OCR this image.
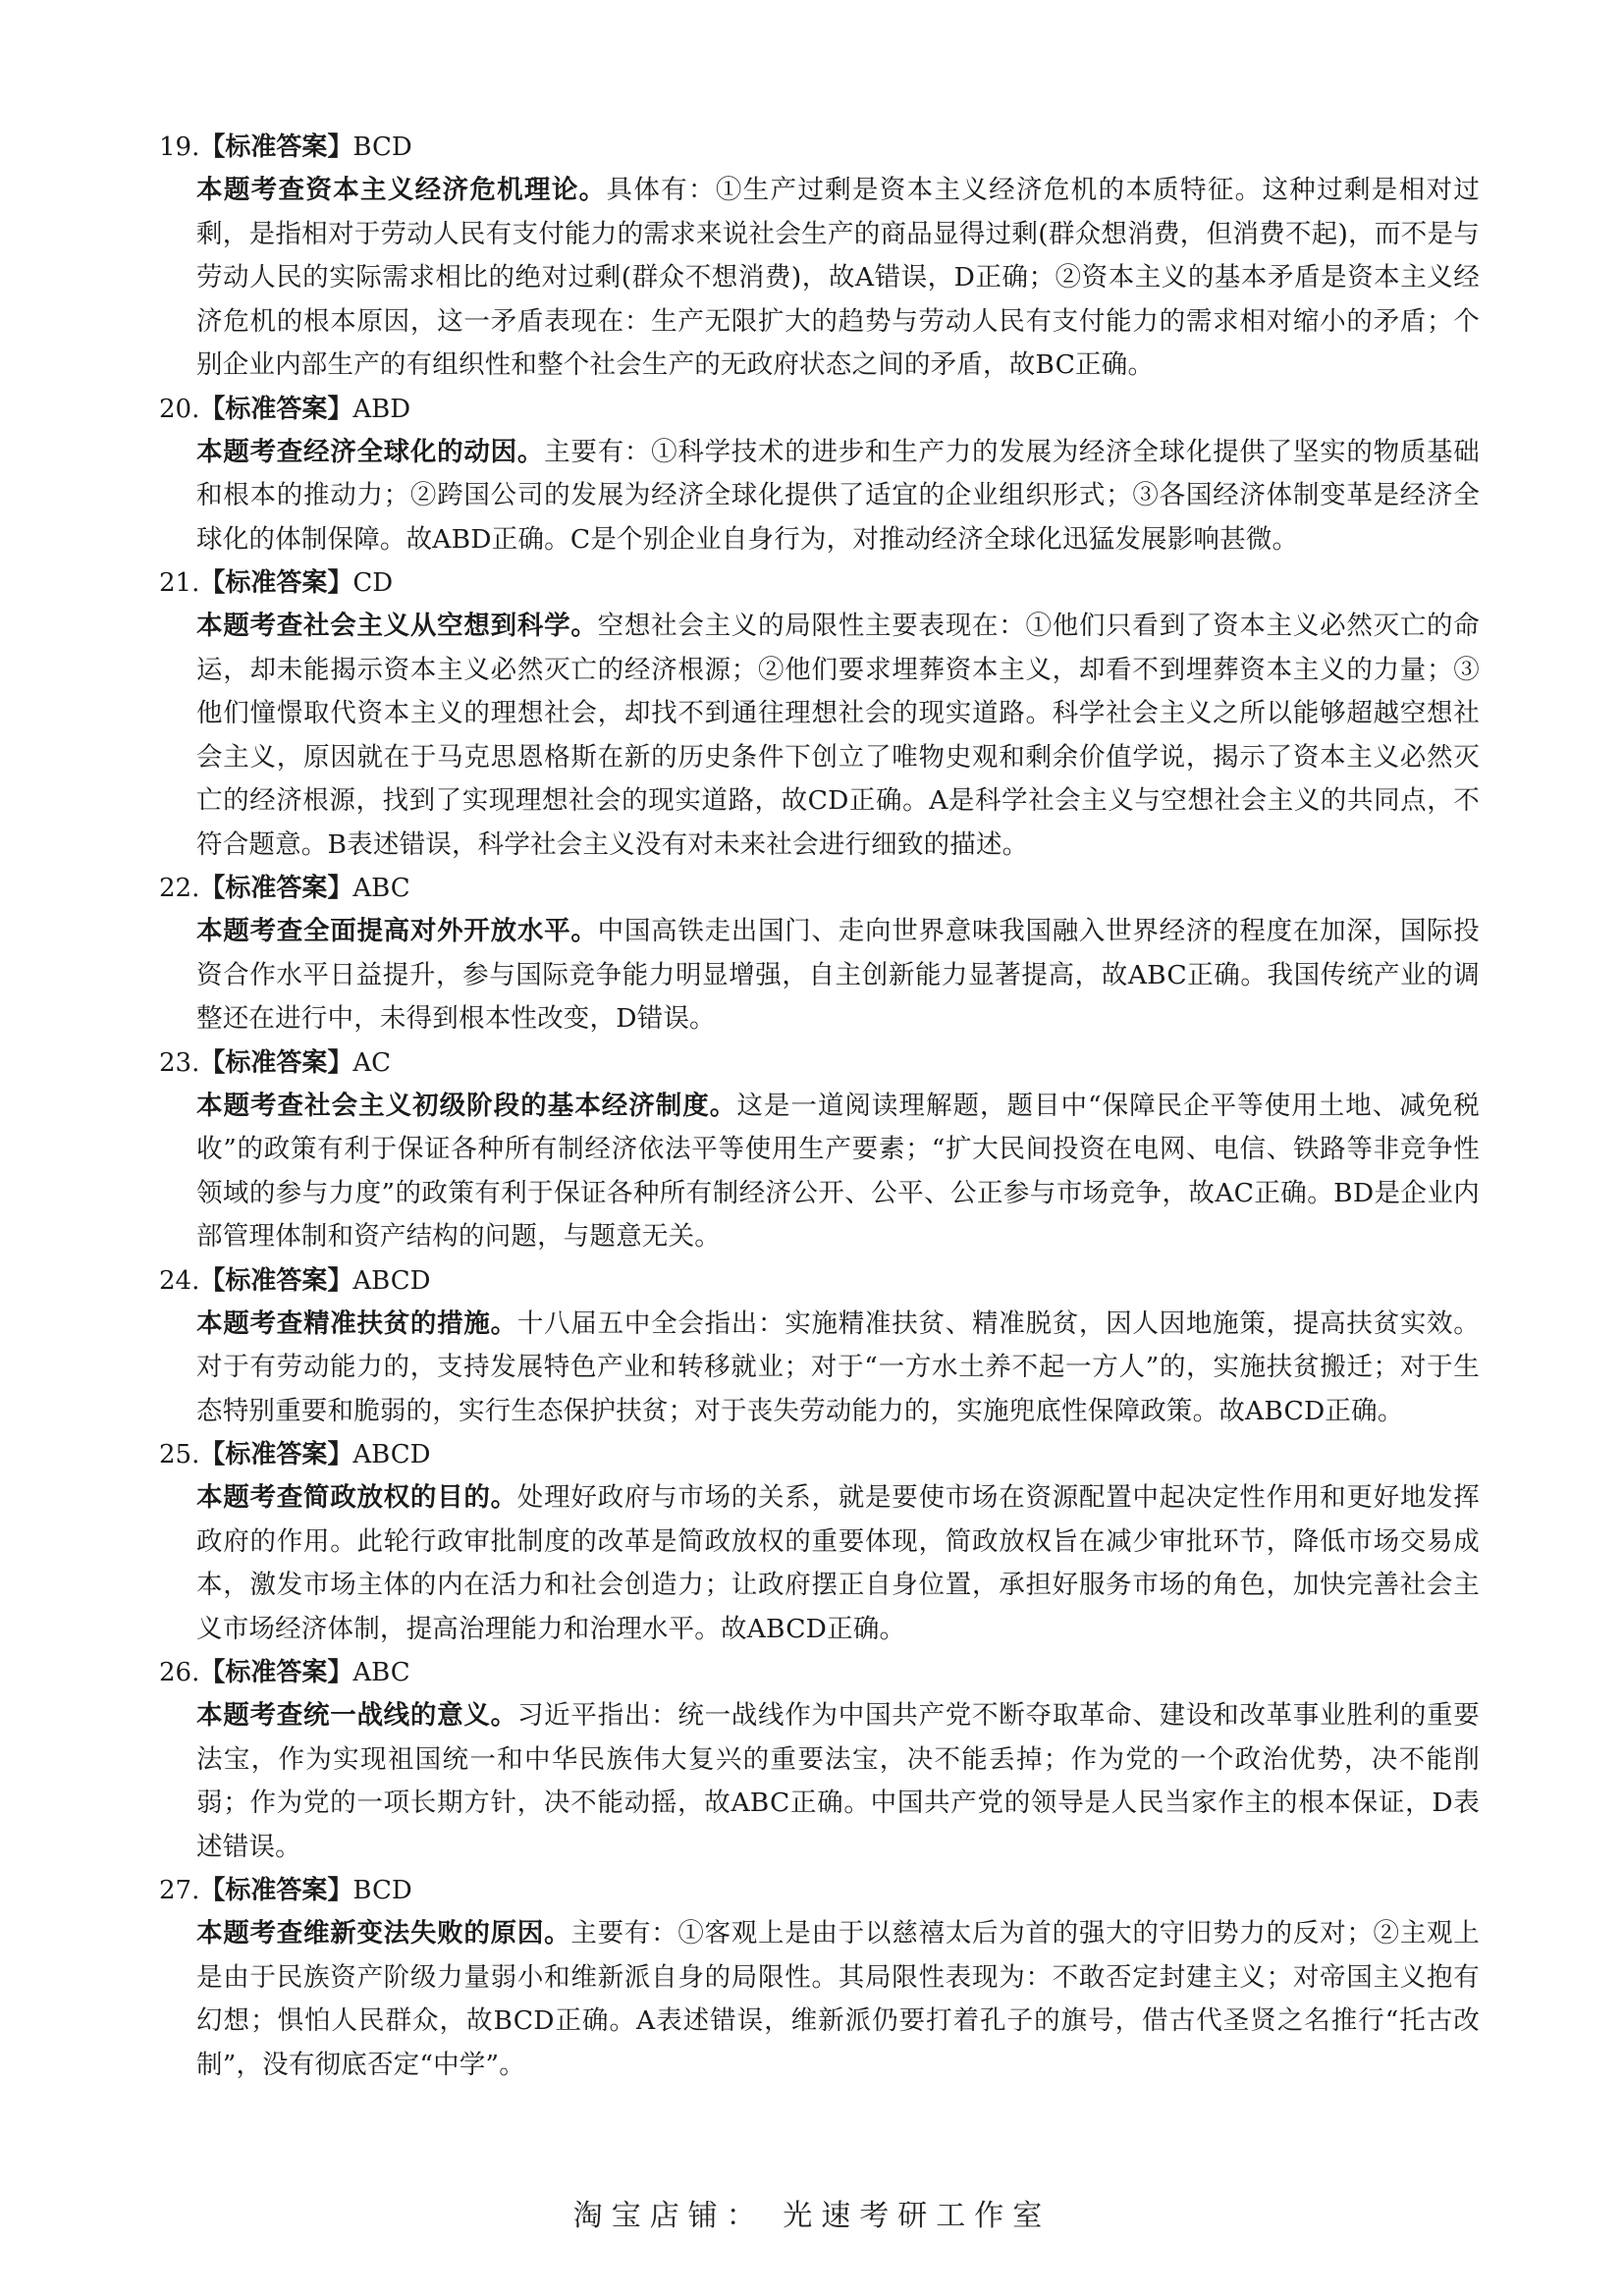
19.【标准答案】BCD

本题考查资本主义经济危机理论。具体有：①生产过剩是资本主义经济危机的本质特征。这种过剩是相对过剩，是指相对于劳动人民有支付能力的需求来说社会生产的商品显得过剩(群众想消费，但消费不起)，而不是与劳动人民的实际需求相比的绝对过剩(群众不想消费)，故A错误，D正确；②资本主义的基本矛盾是资本主义经济危机的根本原因，这一矛盾表现在：生产无限扩大的趋势与劳动人民有支付能力的需求相对缩小的矛盾；个别企业内部生产的有组织性和整个社会生产的无政府状态之间的矛盾，故BC正确。

20.【标准答案】ABD

本题考查经济全球化的动因。主要有：①科学技术的进步和生产力的发展为经济全球化提供了坚实的物质基础和根本的推动力；②跨国公司的发展为经济全球化提供了适宜的企业组织形式；③各国经济体制变革是经济全球化的体制保障。故ABD正确。C是个别企业自身行为，对推动经济全球化迅猛发展影响甚微。

21.【标准答案】CD

本题考查社会主义从空想到科学。空想社会主义的局限性主要表现在：①他们只看到了资本主义必然灭亡的命运，却未能揭示资本主义必然灭亡的经济根源；②他们要求埋葬资本主义，却看不到埋葬资本主义的力量；③他们憧憬取代资本主义的理想社会，却找不到通往理想社会的现实道路。科学社会主义之所以能够超越空想社会主义，原因就在于马克思恩格斯在新的历史条件下创立了唯物史观和剩余价值学说，揭示了资本主义必然灭亡的经济根源，找到了实现理想社会的现实道路，故CD正确。A是科学社会主义与空想社会主义的共同点，不符合题意。B表述错误，科学社会主义没有对未来社会进行细致的描述。

22.【标准答案】ABC

本题考查全面提高对外开放水平。中国高铁走出国门、走向世界意味我国融入世界经济的程度在加深，国际投资合作水平日益提升，参与国际竞争能力明显增强，自主创新能力显著提高，故ABC正确。我国传统产业的调整还在进行中，未得到根本性改变，D错误。

23.【标准答案】AC

本题考查社会主义初级阶段的基本经济制度。这是一道阅读理解题，题目中“保障民企平等使用土地、减免税收”的政策有利于保证各种所有制经济依法平等使用生产要素；“扩大民间投资在电网、电信、铁路等非竞争性领域的参与力度”的政策有利于保证各种所有制经济公开、公平、公正参与市场竞争，故AC正确。BD是企业内部管理体制和资产结构的问题，与题意无关。

24.【标准答案】ABCD

本题考查精准扶贫的措施。十八届五中全会指出：实施精准扶贫、精准脱贫，因人因地施策，提高扶贫实效。对于有劳动能力的，支持发展特色产业和转移就业；对于“一方水土养不起一方人”的，实施扶贫搬迁；对于生态特别重要和脆弱的，实行生态保护扶贫；对于丧失劳动能力的，实施兜底性保障政策。故ABCD正确。

25.【标准答案】ABCD

本题考查简政放权的目的。处理好政府与市场的关系，就是要使市场在资源配置中起决定性作用和更好地发挥政府的作用。此轮行政审批制度的改革是简政放权的重要体现，简政放权旨在减少审批环节，降低市场交易成本，激发市场主体的内在活力和社会创造力；让政府摆正自身位置，承担好服务市场的角色，加快完善社会主义市场经济体制，提高治理能力和治理水平。故ABCD正确。

26.【标准答案】ABC

本题考查统一战线的意义。习近平指出：统一战线作为中国共产党不断夺取革命、建设和改革事业胜利的重要法宝，作为实现祖国统一和中华民族伟大复兴的重要法宝，决不能丢掉；作为党的一个政治优势，决不能削弱；作为党的一项长期方针，决不能动摇，故ABC正确。中国共产党的领导是人民当家作主的根本保证，D表述错误。

27.【标准答案】BCD

本题考查维新变法失败的原因。主要有：①客观上是由于以慈禧太后为首的强大的守旧势力的反对；②主观上是由于民族资产阶级力量弱小和维新派自身的局限性。其局限性表现为：不敢否定封建主义；对帝国主义抱有幻想；惧怕人民群众，故BCD正确。A表述错误，维新派仍要打着孔子的旗号，借古代圣贤之名推行“托古改制”，没有彻底否定“中学”。

淘宝店铺： 光速考研工作室
